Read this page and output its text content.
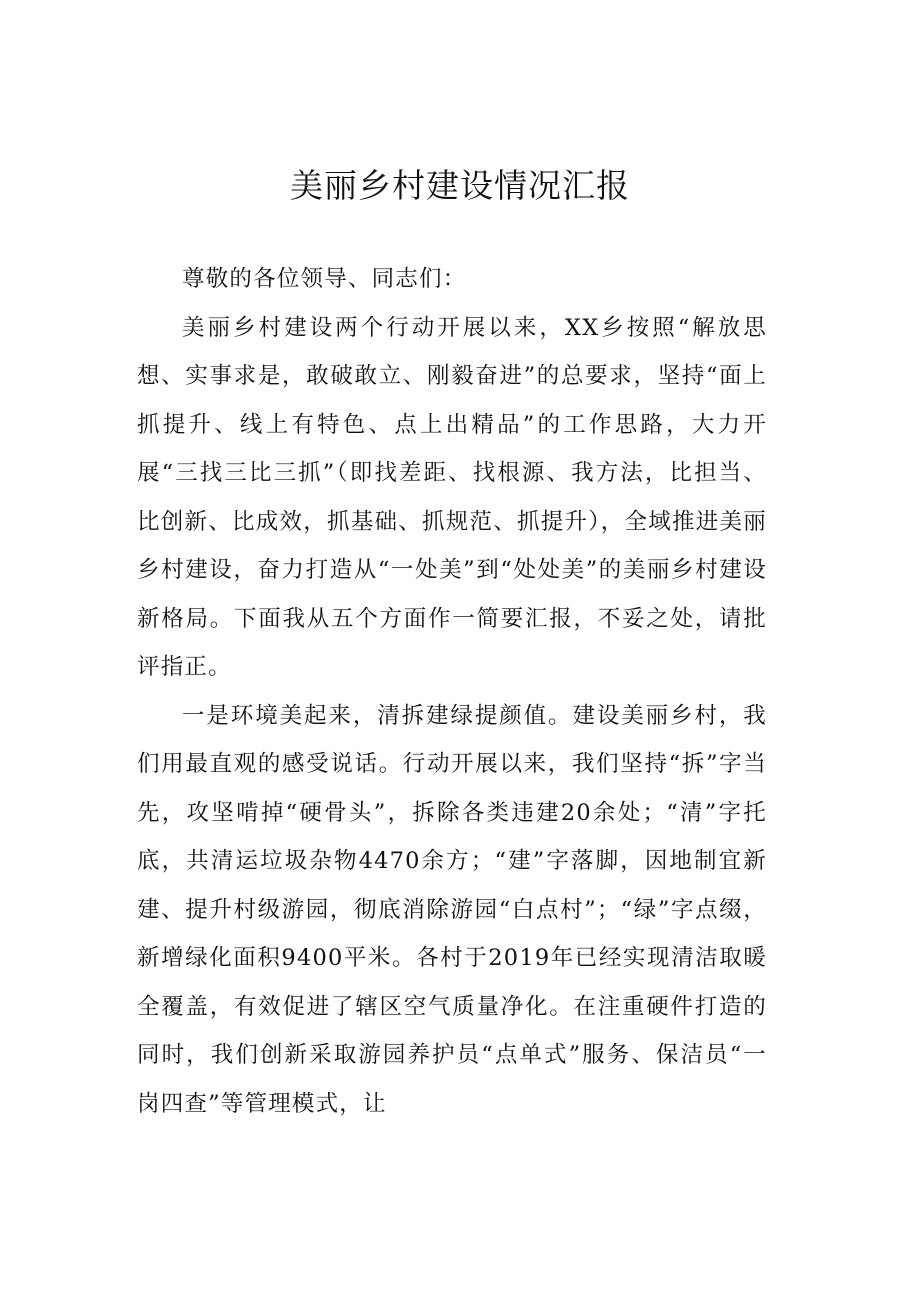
美丽乡村建设情况汇报

尊敬的各位领导、同志们：

美丽乡村建设两个行动开展以来，XX乡按照“解放思想、实事求是，敢破敢立、刚毅奋进”的总要求，坚持“面上抓提升、线上有特色、点上出精品”的工作思路，大力开展“三找三比三抓”（即找差距、找根源、我方法，比担当、比创新、比成效，抓基础、抓规范、抓提升），全域推进美丽乡村建设，奋力打造从“一处美”到“处处美”的美丽乡村建设新格局。下面我从五个方面作一简要汇报，不妥之处，请批评指正。

一是环境美起来，清拆建绿提颜值。建设美丽乡村，我们用最直观的感受说话。行动开展以来，我们坚持“拆”字当先，攻坚啃掉“硬骨头”，拆除各类违建20余处；“清”字托底，共清运垃圾杂物4470余方；“建”字落脚，因地制宜新建、提升村级游园，彻底消除游园“白点村”；“绿”字点缀，新增绿化面积9400平米。各村于2019年已经实现清洁取暖全覆盖，有效促进了辖区空气质量净化。在注重硬件打造的同时，我们创新采取游园养护员“点单式”服务、保洁员“一岗四查”等管理模式，让
